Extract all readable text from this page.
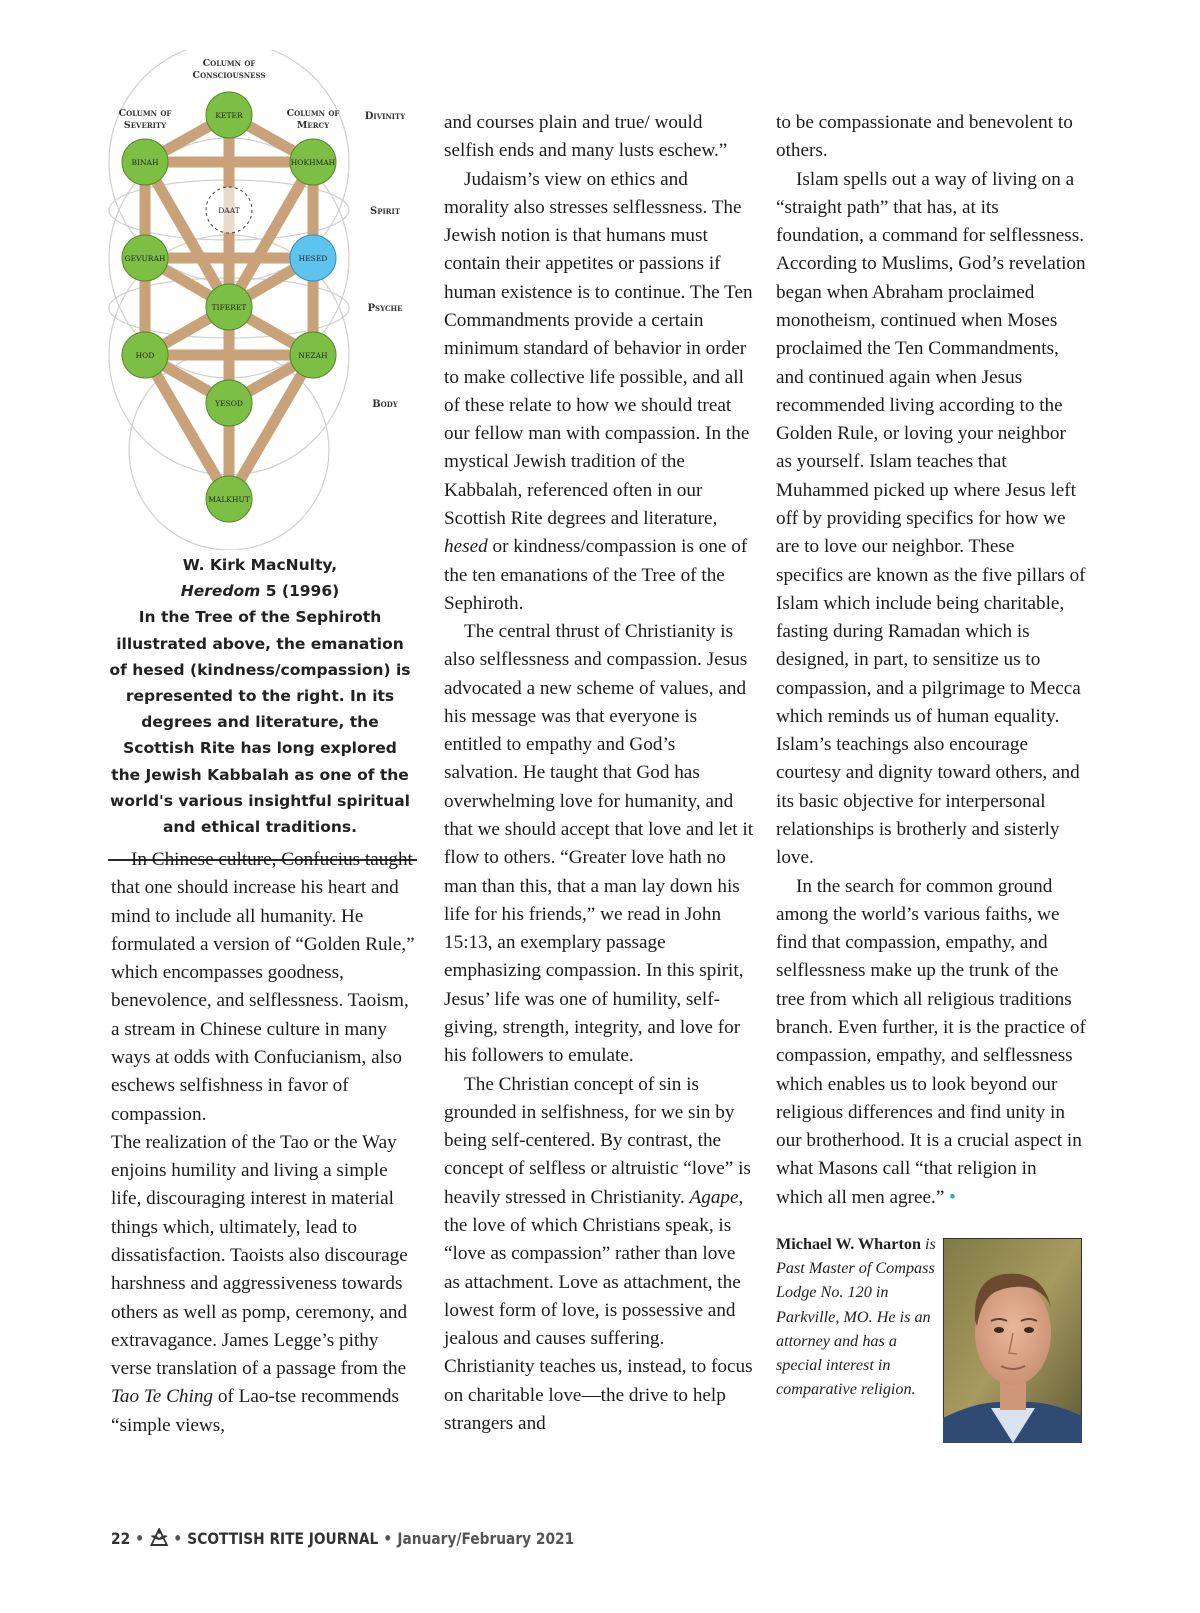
KETER
BINAH	HOKHMAH
DAAT
GEVURAH	HESED
TIFERET
HOD	NEZAH
YESOD
MALKHUT
Column of
Consciousness
Column of
Severity
Column of
Mercy
Divinity
Spirit
Psyche
Body
W. Kirk MacNulty,
Heredom 5 (1996)
In the Tree of the Sephiroth illustrated above, the emanation of hesed (kindness/compassion) is represented to the right. In its degrees and literature, the Scottish Rite has long explored the Jewish Kabbalah as one of the world's various insightful spiritual and ethical traditions.

In Chinese culture, Confucius taught that one should increase his heart and mind to include all humanity. He formulated a version of “Golden Rule,” which encompasses goodness, benevolence, and selflessness. Taoism, a stream in Chinese culture in many ways at odds with Confucianism, also eschews selfishness in favor of compassion.

The realization of the Tao or the Way enjoins humility and living a simple life, discouraging interest in material things which, ultimately, lead to dissatisfaction. Taoists also discourage harshness and aggressiveness towards others as well as pomp, ceremony, and extravagance. James Legge’s pithy verse translation of a passage from the Tao Te Ching of Lao-tse recommends “simple views,

and courses plain and true/ would selfish ends and many lusts eschew.”

Judaism’s view on ethics and morality also stresses selflessness. The Jewish notion is that humans must contain their appetites or passions if human existence is to continue. The Ten Commandments provide a certain minimum standard of behavior in order to make collective life possible, and all of these relate to how we should treat our fellow man with compassion. In the mystical Jewish tradition of the Kabbalah, referenced often in our Scottish Rite degrees and literature, hesed or kindness/compassion is one of the ten emanations of the Tree of the Sephiroth.

The central thrust of Christianity is also selflessness and compassion. Jesus advocated a new scheme of values, and his message was that everyone is entitled to empathy and God’s salvation. He taught that God has overwhelming love for humanity, and that we should accept that love and let it flow to others. “Greater love hath no man than this, that a man lay down his life for his friends,” we read in John 15:13, an exemplary passage emphasizing compassion. In this spirit, Jesus’ life was one of humility, self-giving, strength, integrity, and love for his followers to emulate.

The Christian concept of sin is grounded in selfishness, for we sin by being self-centered. By contrast, the concept of selfless or altruistic “love” is heavily stressed in Christianity. Agape, the love of which Christians speak, is “love as compassion” rather than love as attachment. Love as attachment, the lowest form of love, is possessive and jealous and causes suffering. Christianity teaches us, instead, to focus on charitable love—the drive to help strangers and

to be compassionate and benevolent to others.

Islam spells out a way of living on a “straight path” that has, at its foundation, a command for selflessness. According to Muslims, God’s revelation began when Abraham proclaimed monotheism, continued when Moses proclaimed the Ten Commandments, and continued again when Jesus recommended living according to the Golden Rule, or loving your neighbor as yourself. Islam teaches that Muhammed picked up where Jesus left off by providing specifics for how we are to love our neighbor. These specifics are known as the five pillars of Islam which include being charitable, fasting during Ramadan which is designed, in part, to sensitize us to compassion, and a pilgrimage to Mecca which reminds us of human equality. Islam’s teachings also encourage courtesy and dignity toward others, and its basic objective for interpersonal relationships is brotherly and sisterly love.

In the search for common ground among the world’s various faiths, we find that compassion, empathy, and selflessness make up the trunk of the tree from which all religious traditions branch. Even further, it is the practice of compassion, empathy, and selflessness which enables us to look beyond our religious differences and find unity in our brotherhood. It is a crucial aspect in what Masons call “that religion in which all men agree.” •

Michael W. Wharton is Past Master of Compass Lodge No. 120 in Parkville, MO. He is an attorney and has a special interest in comparative religion.
22 • • SCOTTISH RITE JOURNAL • January/February 2021
